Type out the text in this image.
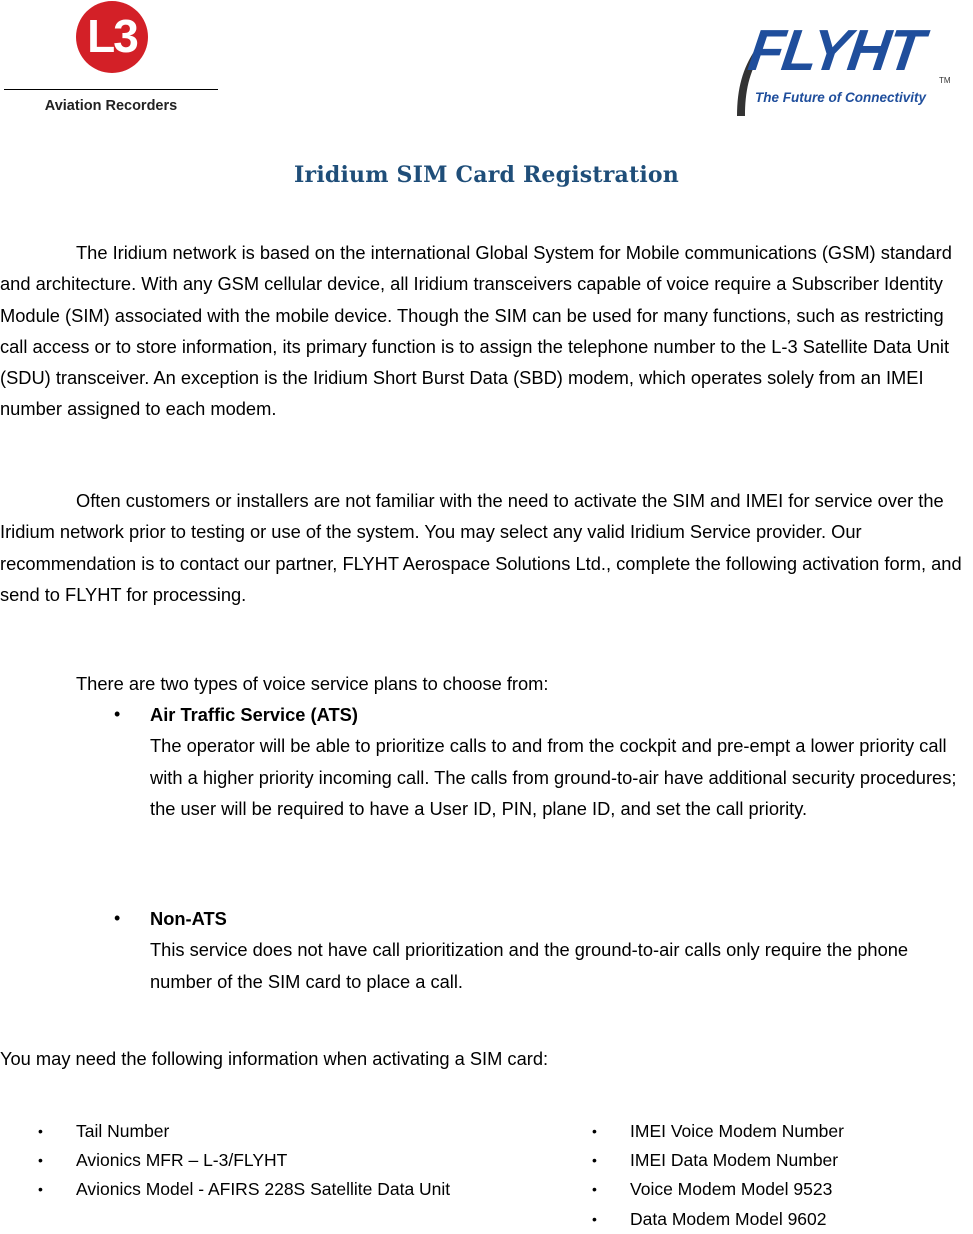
L3
Aviation Recorders
FLYHT TM
The Future of Connectivity
Iridium SIM Card Registration

The Iridium network is based on the international Global System for Mobile communications (GSM) standard and architecture. With any GSM cellular device, all Iridium transceivers capable of voice require a Subscriber Identity Module (SIM) associated with the mobile device. Though the SIM can be used for many functions, such as restricting call access or to store information, its primary function is to assign the telephone number to the L-3 Satellite Data Unit (SDU) transceiver. An exception is the Iridium Short Burst Data (SBD) modem, which operates solely from an IMEI number assigned to each modem.

Often customers or installers are not familiar with the need to activate the SIM and IMEI for service over the Iridium network prior to testing or use of the system. You may select any valid Iridium Service provider. Our recommendation is to contact our partner, FLYHT Aerospace Solutions Ltd., complete the following activation form, and send to FLYHT for processing.

There are two types of voice service plans to choose from:

• Air Traffic Service (ATS)
The operator will be able to prioritize calls to and from the cockpit and pre-empt a lower priority call with a higher priority incoming call. The calls from ground-to-air have additional security procedures; the user will be required to have a User ID, PIN, plane ID, and set the call priority.
• Non-ATS
This service does not have call prioritization and the ground-to-air calls only require the phone number of the SIM card to place a call.
You may need the following information when activating a SIM card:
• Tail Number
• Avionics MFR – L-3/FLYHT
• Avionics Model - AFIRS 228S Satellite Data Unit
• IMEI Voice Modem Number
• IMEI Data Modem Number
• Voice Modem Model 9523
• Data Modem Model 9602
